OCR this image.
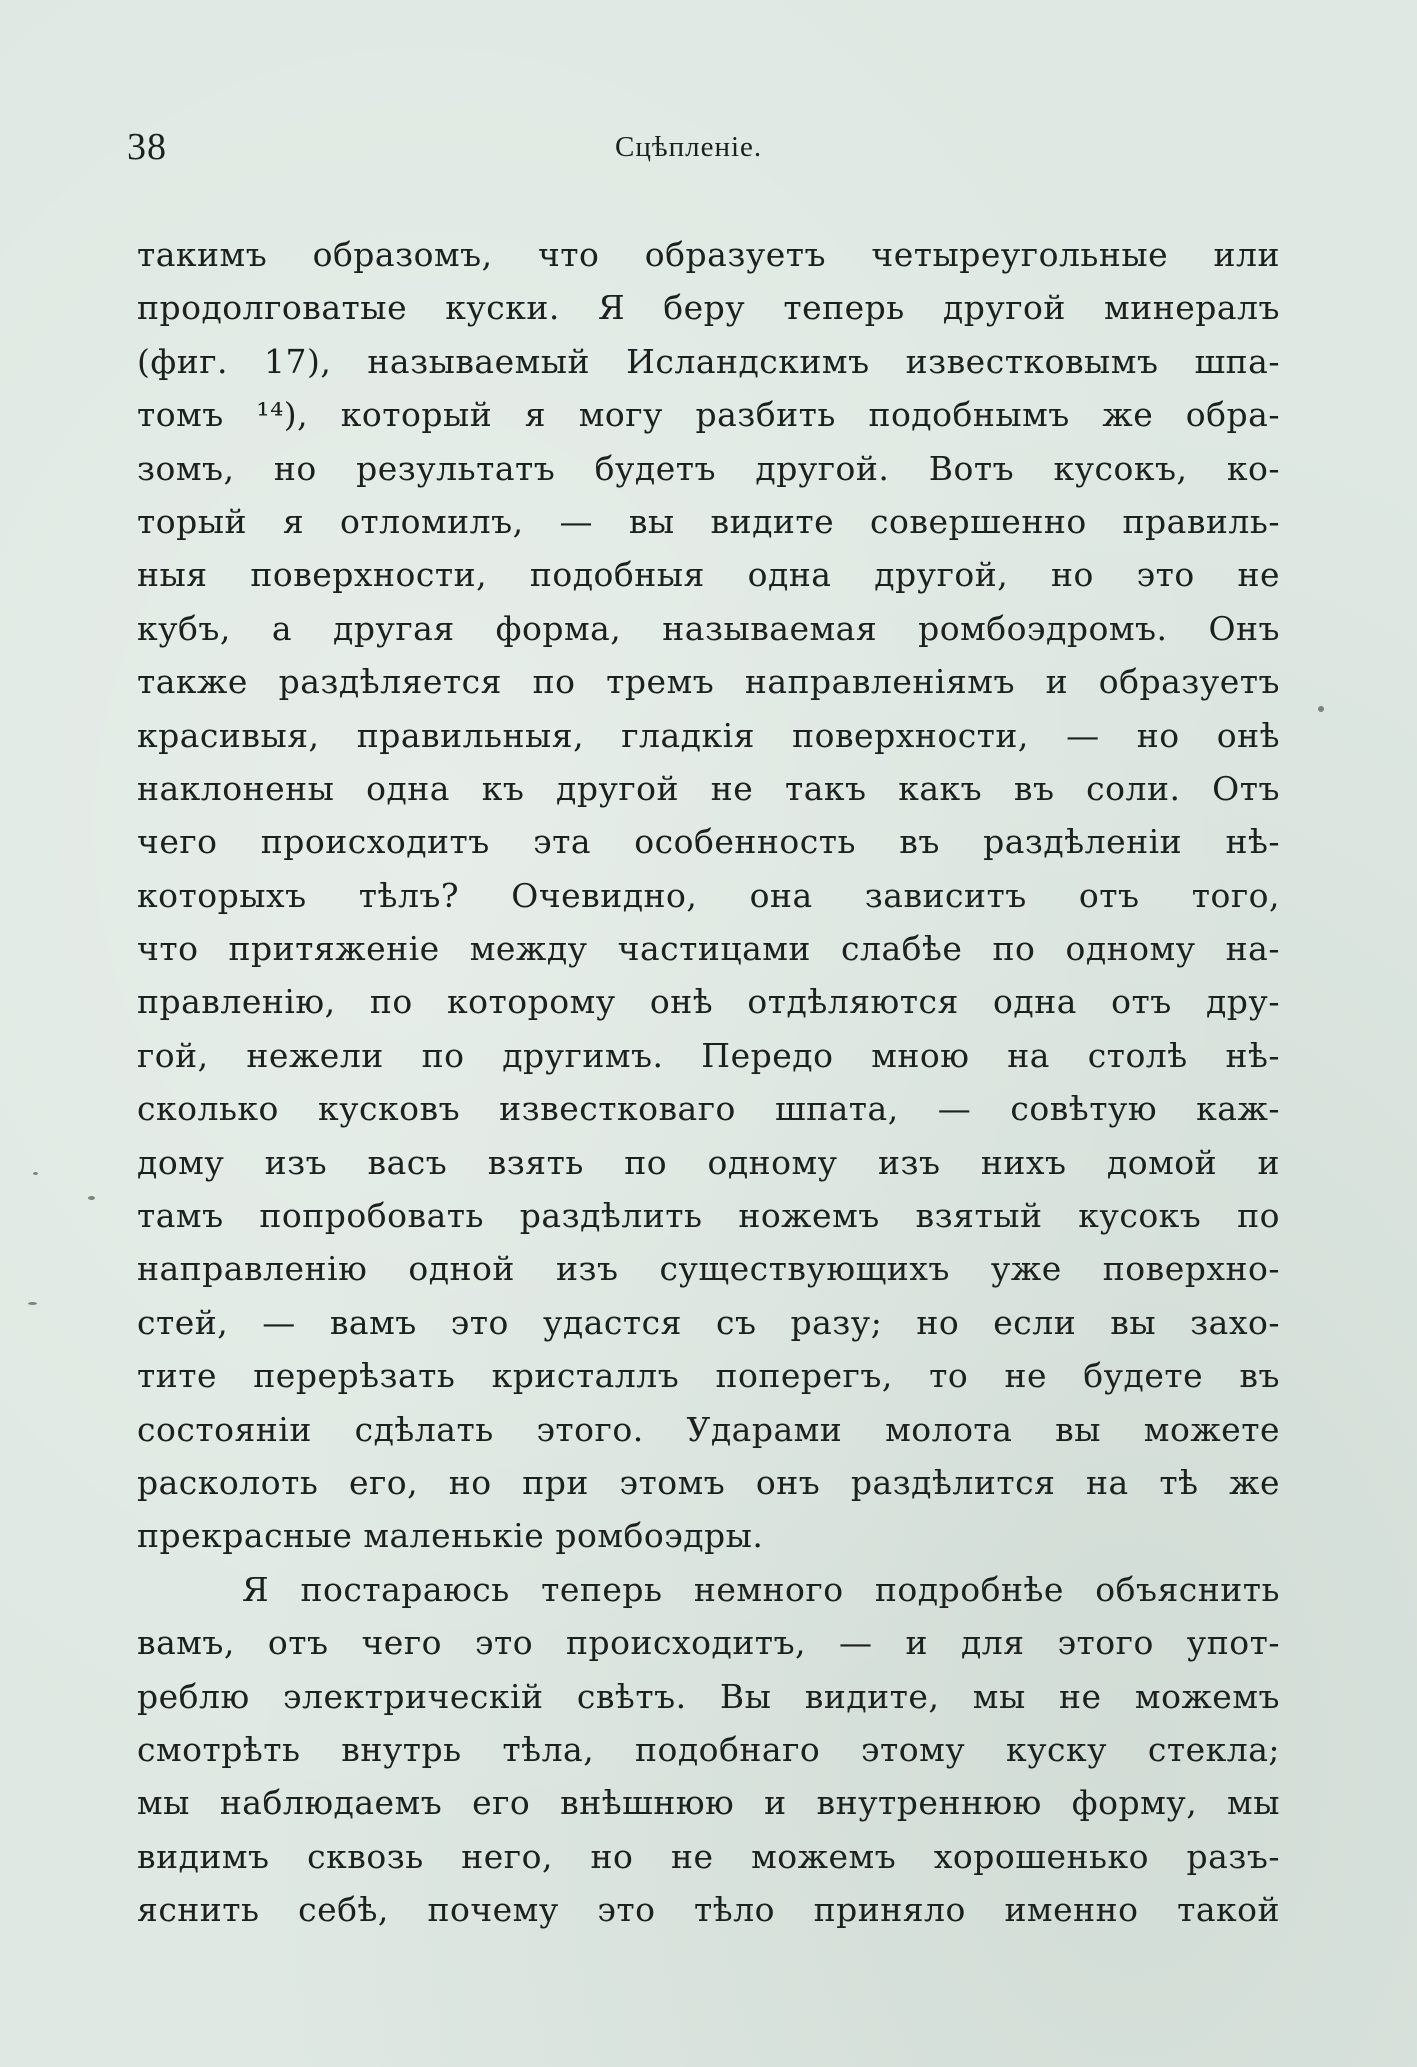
38	Сцѣпленіе.
такимъ образомъ, что образуетъ четыреугольные или
продолговатые куски. Я беру теперь другой минералъ
(фиг. 17), называемый Исландскимъ известковымъ шпа-
томъ ¹⁴), который я могу разбить подобнымъ же обра-
зомъ, но результатъ будетъ другой. Вотъ кусокъ, ко-
торый я отломилъ, — вы видите совершенно правиль-
ныя поверхности, подобныя одна другой, но это не
кубъ, а другая форма, называемая ромбоэдромъ. Онъ
также раздѣляется по тремъ направленіямъ и образуетъ
красивыя, правильныя, гладкія поверхности, — но онѣ
наклонены одна къ другой не такъ какъ въ соли. Отъ
чего происходитъ эта особенность въ раздѣленіи нѣ-
которыхъ тѣлъ? Очевидно, она зависитъ отъ того,
что притяженіе между частицами слабѣе по одному на-
правленію, по которому онѣ отдѣляются одна отъ дру-
гой, нежели по другимъ. Передо мною на столѣ нѣ-
сколько кусковъ известковаго шпата, — совѣтую каж-
дому изъ васъ взять по одному изъ нихъ домой и
тамъ попробовать раздѣлить ножемъ взятый кусокъ по
направленію одной изъ существующихъ уже поверхно-
стей, — вамъ это удастся съ разу; но если вы захо-
тите перерѣзать кристаллъ поперегъ, то не будете въ
состояніи сдѣлать этого. Ударами молота вы можете
расколоть его, но при этомъ онъ раздѣлится на тѣ же
прекрасные маленькіе ромбоэдры.
Я постараюсь теперь немного подробнѣе объяснить
вамъ, отъ чего это происходитъ, — и для этого упот-
реблю электрическій свѣтъ. Вы видите, мы не можемъ
смотрѣть внутрь тѣла, подобнаго этому куску стекла;
мы наблюдаемъ его внѣшнюю и внутреннюю форму, мы
видимъ сквозь него, но не можемъ хорошенько разъ-
яснить себѣ, почему это тѣло приняло именно такой
